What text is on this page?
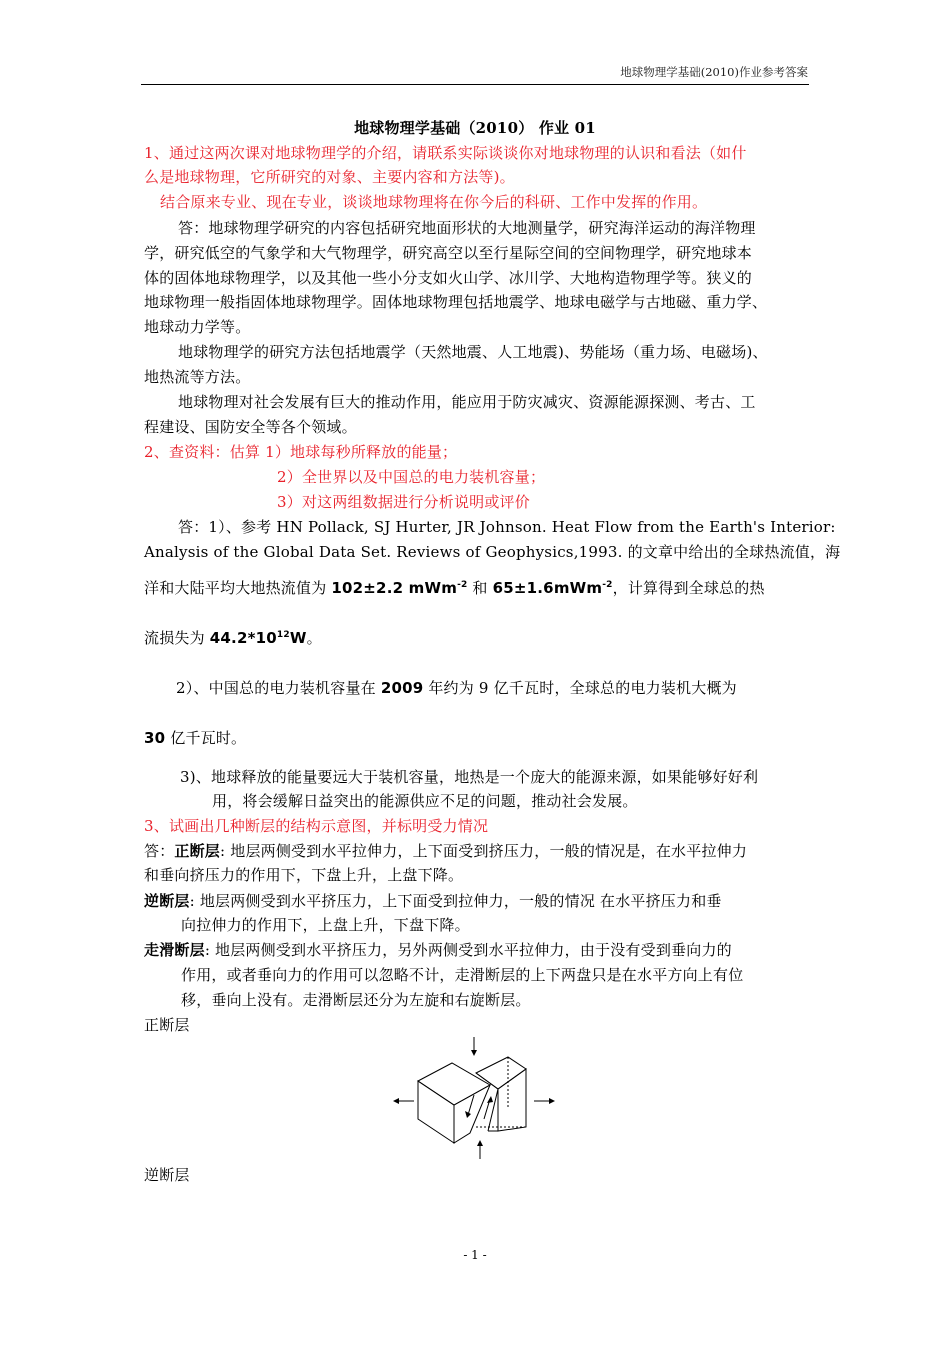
地球物理学基础(2010)作业参考答案
地球物理学基础（2010） 作业 01
1、通过这两次课对地球物理学的介绍，请联系实际谈谈你对地球物理的认识和看法（如什
么是地球物理，它所研究的对象、主要内容和方法等)。
结合原来专业、现在专业，谈谈地球物理将在你今后的科研、工作中发挥的作用。
答：地球物理学研究的内容包括研究地面形状的大地测量学，研究海洋运动的海洋物理
学，研究低空的气象学和大气物理学，研究高空以至行星际空间的空间物理学，研究地球本
体的固体地球物理学，以及其他一些小分支如火山学、冰川学、大地构造物理学等。狭义的
地球物理一般指固体地球物理学。固体地球物理包括地震学、地球电磁学与古地磁、重力学、
地球动力学等。
地球物理学的研究方法包括地震学（天然地震、人工地震)、势能场（重力场、电磁场)、
地热流等方法。
地球物理对社会发展有巨大的推动作用，能应用于防灾减灾、资源能源探测、考古、工
程建设、国防安全等各个领域。
2、查资料：估算 1）地球每秒所释放的能量；
2）全世界以及中国总的电力装机容量；
3）对这两组数据进行分析说明或评价
答：1）、参考 HN Pollack, SJ Hurter, JR Johnson. Heat Flow from the Earth's Interior:
Analysis of the Global Data Set. Reviews of Geophysics,1993. 的文章中给出的全球热流值，海
洋和大陆平均大地热流值为 102±2.2 mWm$^{-2}$ 和 65±1.6mWm$^{-2}$，计算得到全球总的热
流损失为 $44.2*10^{12}W$。
2）、中国总的电力装机容量在 2009 年约为 9 亿千瓦时，全球总的电力装机大概为
30 亿千瓦时。
3)、地球释放的能量要远大于装机容量，地热是一个庞大的能源来源，如果能够好好利
用，将会缓解日益突出的能源供应不足的问题，推动社会发展。
3、试画出几种断层的结构示意图，并标明受力情况
答：正断层: 地层两侧受到水平拉伸力，上下面受到挤压力，一般的情况是，在水平拉伸力
和垂向挤压力的作用下，下盘上升，上盘下降。
逆断层: 地层两侧受到水平挤压力，上下面受到拉伸力，一般的情况 在水平挤压力和垂
向拉伸力的作用下，上盘上升，下盘下降。
走滑断层: 地层两侧受到水平挤压力，另外两侧受到水平拉伸力，由于没有受到垂向力的
作用，或者垂向力的作用可以忽略不计，走滑断层的上下两盘只是在水平方向上有位
移，垂向上没有。走滑断层还分为左旋和右旋断层。
正断层
逆断层
- 1 -
